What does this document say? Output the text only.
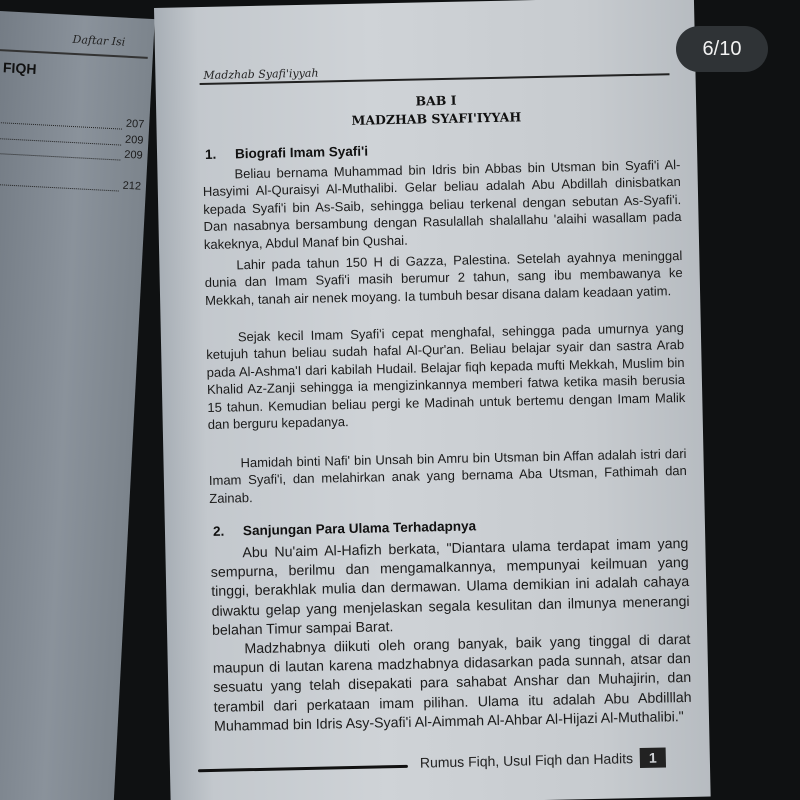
Daftar Isi
FIQH
207
209
209
212
Madzhab Syafi'iyyah
BAB I
MADZHAB SYAFI'IYYAH
1. Biografi Imam Syafi'i

Beliau bernama Muhammad bin Idris bin Abbas bin Utsman bin Syafi'i Al-Hasyimi Al-Quraisyi Al-Muthalibi. Gelar beliau adalah Abu Abdillah dinisbatkan kepada Syafi'i bin As-Saib, sehingga beliau terkenal dengan sebutan As-Syafi'i. Dan nasabnya bersambung dengan Rasulallah shalallahu 'alaihi wasallam pada kakeknya, Abdul Manaf bin Qushai.

Lahir pada tahun 150 H di Gazza, Palestina. Setelah ayahnya meninggal dunia dan Imam Syafi'i masih berumur 2 tahun, sang ibu membawanya ke Mekkah, tanah air nenek moyang. Ia tumbuh besar disana dalam keadaan yatim.

Sejak kecil Imam Syafi'i cepat menghafal, sehingga pada umurnya yang ketujuh tahun beliau sudah hafal Al-Qur'an. Beliau belajar syair dan sastra Arab pada Al-Ashma'I dari kabilah Hudail. Belajar fiqh kepada mufti Mekkah, Muslim bin Khalid Az-Zanji sehingga ia mengizinkannya memberi fatwa ketika masih berusia 15 tahun. Kemudian beliau pergi ke Madinah untuk bertemu dengan Imam Malik dan berguru kepadanya.

Hamidah binti Nafi' bin Unsah bin Amru bin Utsman bin Affan adalah istri dari Imam Syafi'i, dan melahirkan anak yang bernama Aba Utsman, Fathimah dan Zainab.

2. Sanjungan Para Ulama Terhadapnya

Abu Nu'aim Al-Hafizh berkata, "Diantara ulama terdapat imam yang sempurna, berilmu dan mengamalkannya, mempunyai keilmuan yang tinggi, berakhlak mulia dan dermawan. Ulama demikian ini adalah cahaya diwaktu gelap yang menjelaskan segala kesulitan dan ilmunya menerangi belahan Timur sampai Barat.

Madzhabnya diikuti oleh orang banyak, baik yang tinggal di darat maupun di lautan karena madzhabnya didasarkan pada sunnah, atsar dan sesuatu yang telah disepakati para sahabat Anshar dan Muhajirin, dan terambil dari perkataan imam pilihan. Ulama itu adalah Abu Abdilllah Muhammad bin Idris Asy-Syafi'i Al-Aimmah Al-Ahbar Al-Hijazi Al-Muthalibi."

Rumus Fiqh, Usul Fiqh dan Hadits	1
6/10
